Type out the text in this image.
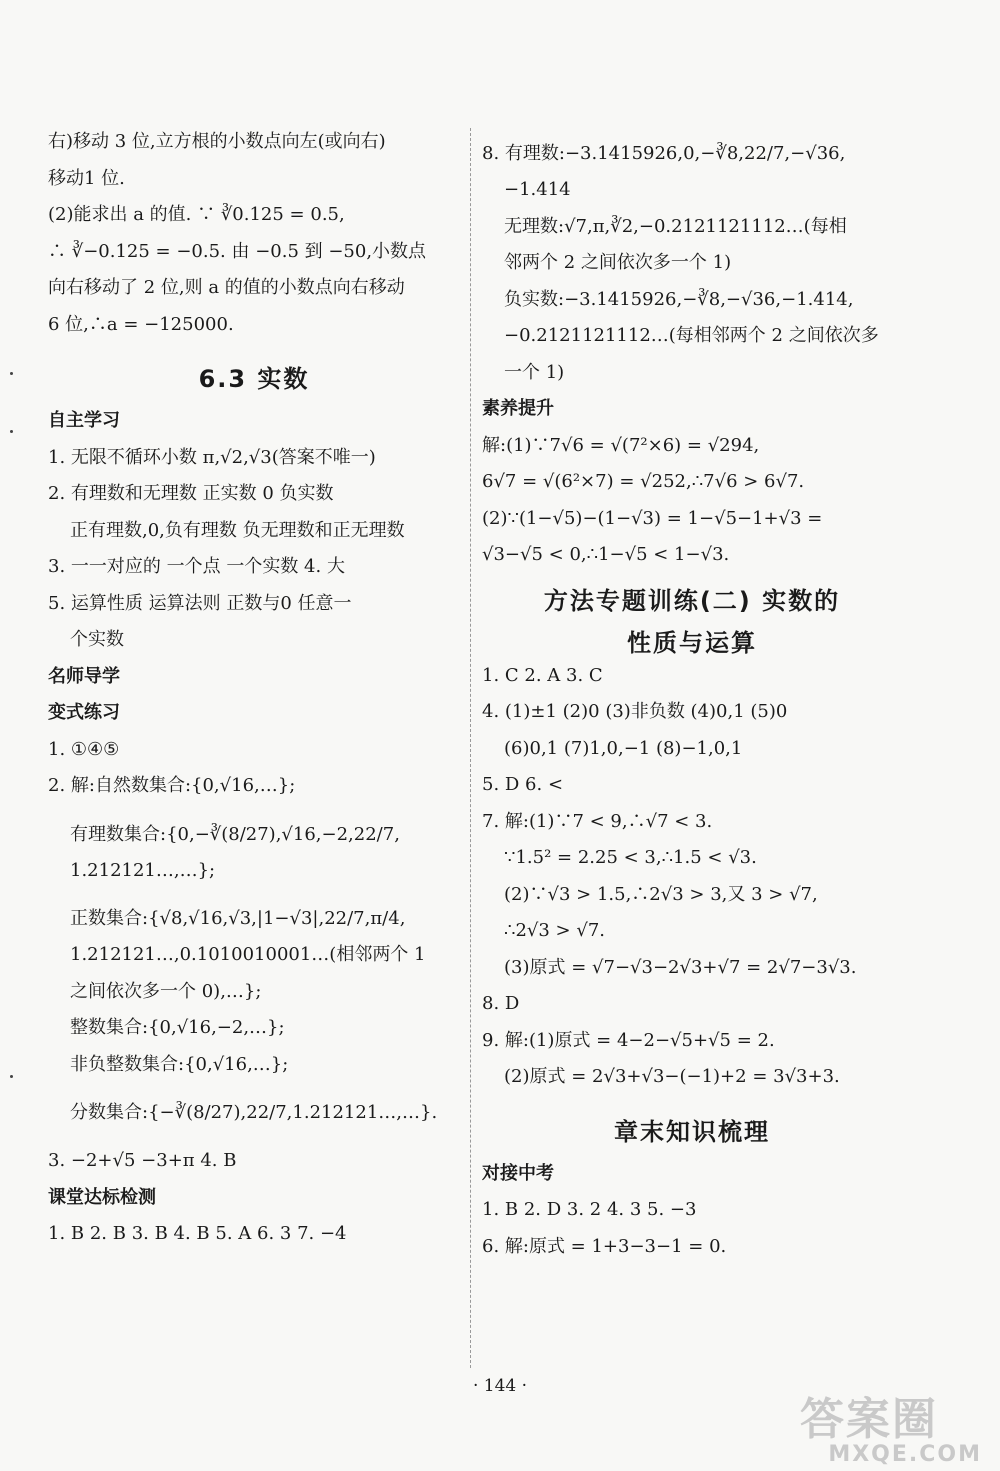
右)移动 3 位,立方根的小数点向左(或向右)
移动1 位.
(2)能求出 a 的值. ∵ ∛0.125 = 0.5,
∴ ∛−0.125 = −0.5. 由 −0.5 到 −50,小数点
向右移动了 2 位,则 a 的值的小数点向右移动
6 位,∴a = −125000.
6.3 实数
自主学习
1. 无限不循环小数 π,√2,√3(答案不唯一)
2. 有理数和无理数 正实数 0 负实数
正有理数,0,负有理数 负无理数和正无理数
3. 一一对应的 一个点 一个实数 4. 大
5. 运算性质 运算法则 正数与0 任意一
个实数
名师导学
变式练习
1. ①④⑤
2. 解:自然数集合:{0,√16,…};
有理数集合:{0,−∛(8/27),√16,−2,22/7,
1.212121…,…};
正数集合:{√8,√16,√3,|1−√3|,22/7,π/4,
1.212121…,0.1010010001…(相邻两个 1
之间依次多一个 0),…};
整数集合:{0,√16,−2,…};
非负整数集合:{0,√16,…};
分数集合:{−∛(8/27),22/7,1.212121…,…}.
3. −2+√5 −3+π 4. B
课堂达标检测
1. B 2. B 3. B 4. B 5. A 6. 3 7. −4
8. 有理数:−3.1415926,0,−∛8,22/7,−√36,
−1.414
无理数:√7,π,∛2,−0.2121121112…(每相
邻两个 2 之间依次多一个 1)
负实数:−3.1415926,−∛8,−√36,−1.414,
−0.2121121112…(每相邻两个 2 之间依次多
一个 1)
素养提升
解:(1)∵7√6 = √(7²×6) = √294,
6√7 = √(6²×7) = √252,∴7√6 > 6√7.
(2)∵(1−√5)−(1−√3) = 1−√5−1+√3 =
√3−√5 < 0,∴1−√5 < 1−√3.
方法专题训练(二) 实数的
性质与运算
1. C 2. A 3. C
4. (1)±1 (2)0 (3)非负数 (4)0,1 (5)0
(6)0,1 (7)1,0,−1 (8)−1,0,1
5. D 6. <
7. 解:(1)∵7 < 9,∴√7 < 3.
∵1.5² = 2.25 < 3,∴1.5 < √3.
(2)∵√3 > 1.5,∴2√3 > 3,又 3 > √7,
∴2√3 > √7.
(3)原式 = √7−√3−2√3+√7 = 2√7−3√3.
8. D
9. 解:(1)原式 = 4−2−√5+√5 = 2.
(2)原式 = 2√3+√3−(−1)+2 = 3√3+3.
章末知识梳理
对接中考
1. B 2. D 3. 2 4. 3 5. −3
6. 解:原式 = 1+3−3−1 = 0.
· 144 ·
答案圈
MXQE.COM
